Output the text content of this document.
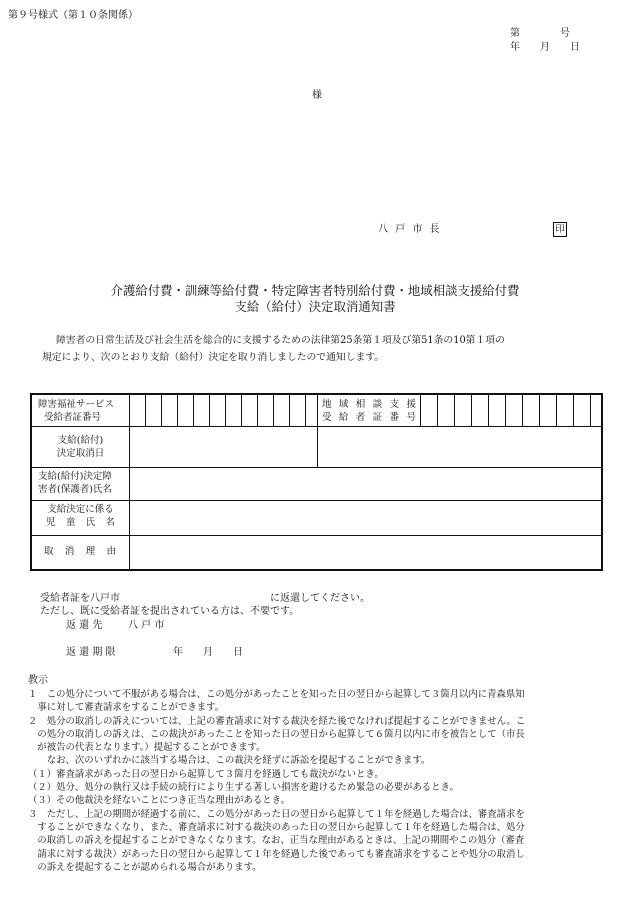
第９号様式（第１０条関係）
第　　　　号
年　　月　　日
様
八 戸 市 長	印
介護給付費・訓練等給付費・特定障害者特別給付費・地域相談支援給付費
支給（給付）決定取消通知書
障害者の日常生活及び社会生活を総合的に支援するための法律第25条第１項及び第51条の10第１項の
規定により、次のとおり支給（給付）決定を取り消しましたので通知します。
障害福祉サービス
受給者証番号
地域相談支援
受給者証番号
支給(給付)
決定取消日
支給(給付)決定障
害者(保護者)氏名
支給決定に係る
児童氏名
取消理由
受給者証を八戸市	に返還してください。
ただし、既に受給者証を提出されている方は、不要です。
返 還 先	八 戸 市
返 還 期 限	年　　月　　日
教示
１　この処分について不服がある場合は、この処分があったことを知った日の翌日から起算して３箇月以内に青森県知
　事に対して審査請求をすることができます。
２　処分の取消しの訴えについては、上記の審査請求に対する裁決を経た後でなければ提起することができません。こ
　の処分の取消しの訴えは、この裁決があったことを知った日の翌日から起算して６箇月以内に市を被告として（市長
　が被告の代表となります。）提起することができます。
　　なお、次のいずれかに該当する場合は、この裁決を経ずに訴訟を提起することができます。
（１）審査請求があった日の翌日から起算して３箇月を経過しても裁決がないとき。
（２）処分、処分の執行又は手続の続行により生ずる著しい損害を避けるため緊急の必要があるとき。
（３）その他裁決を経ないことにつき正当な理由があるとき。
３　ただし、上記の期間が経過する前に、この処分があった日の翌日から起算して１年を経過した場合は、審査請求を
　することができなくなり、また、審査請求に対する裁決のあった日の翌日から起算して１年を経過した場合は、処分
　の取消しの訴えを提起することができなくなります。なお、正当な理由があるときは、上記の期間やこの処分（審査
　請求に対する裁決）があった日の翌日から起算して１年を経過した後であっても審査請求をすることや処分の取消し
　の訴えを提起することが認められる場合があります。
